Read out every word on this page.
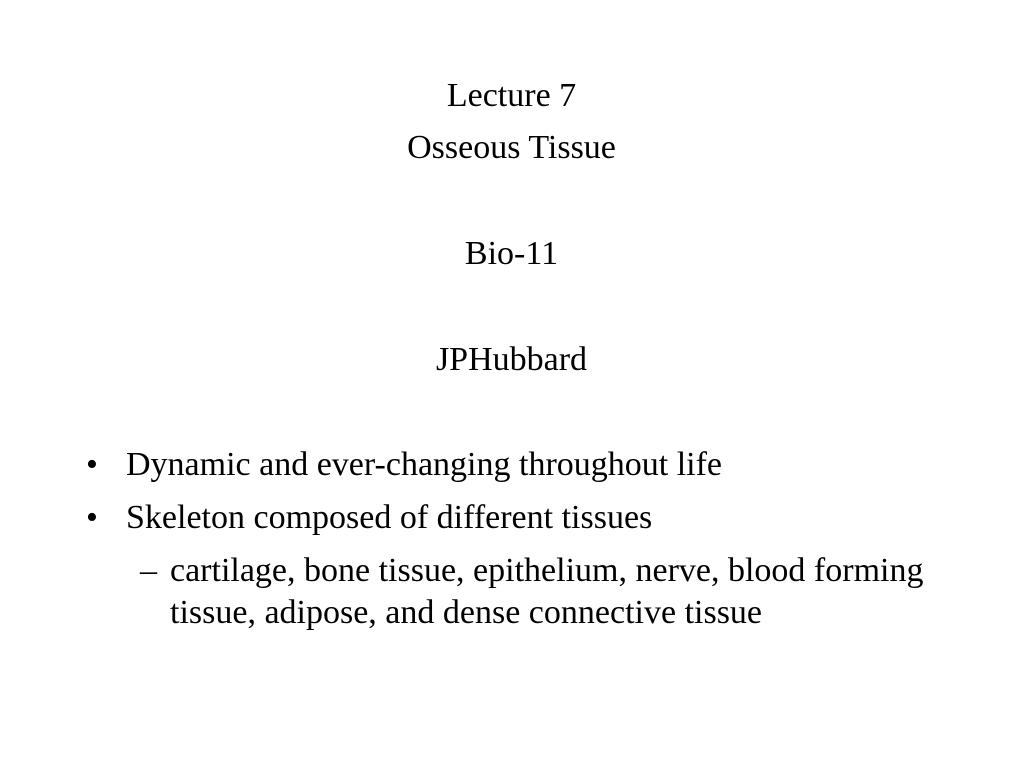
Lecture 7
Osseous Tissue
Bio-11
JPHubbard
• Dynamic and ever-changing throughout life
• Skeleton composed of different tissues
– cartilage, bone tissue, epithelium, nerve, blood forming tissue, adipose, and dense connective tissue
